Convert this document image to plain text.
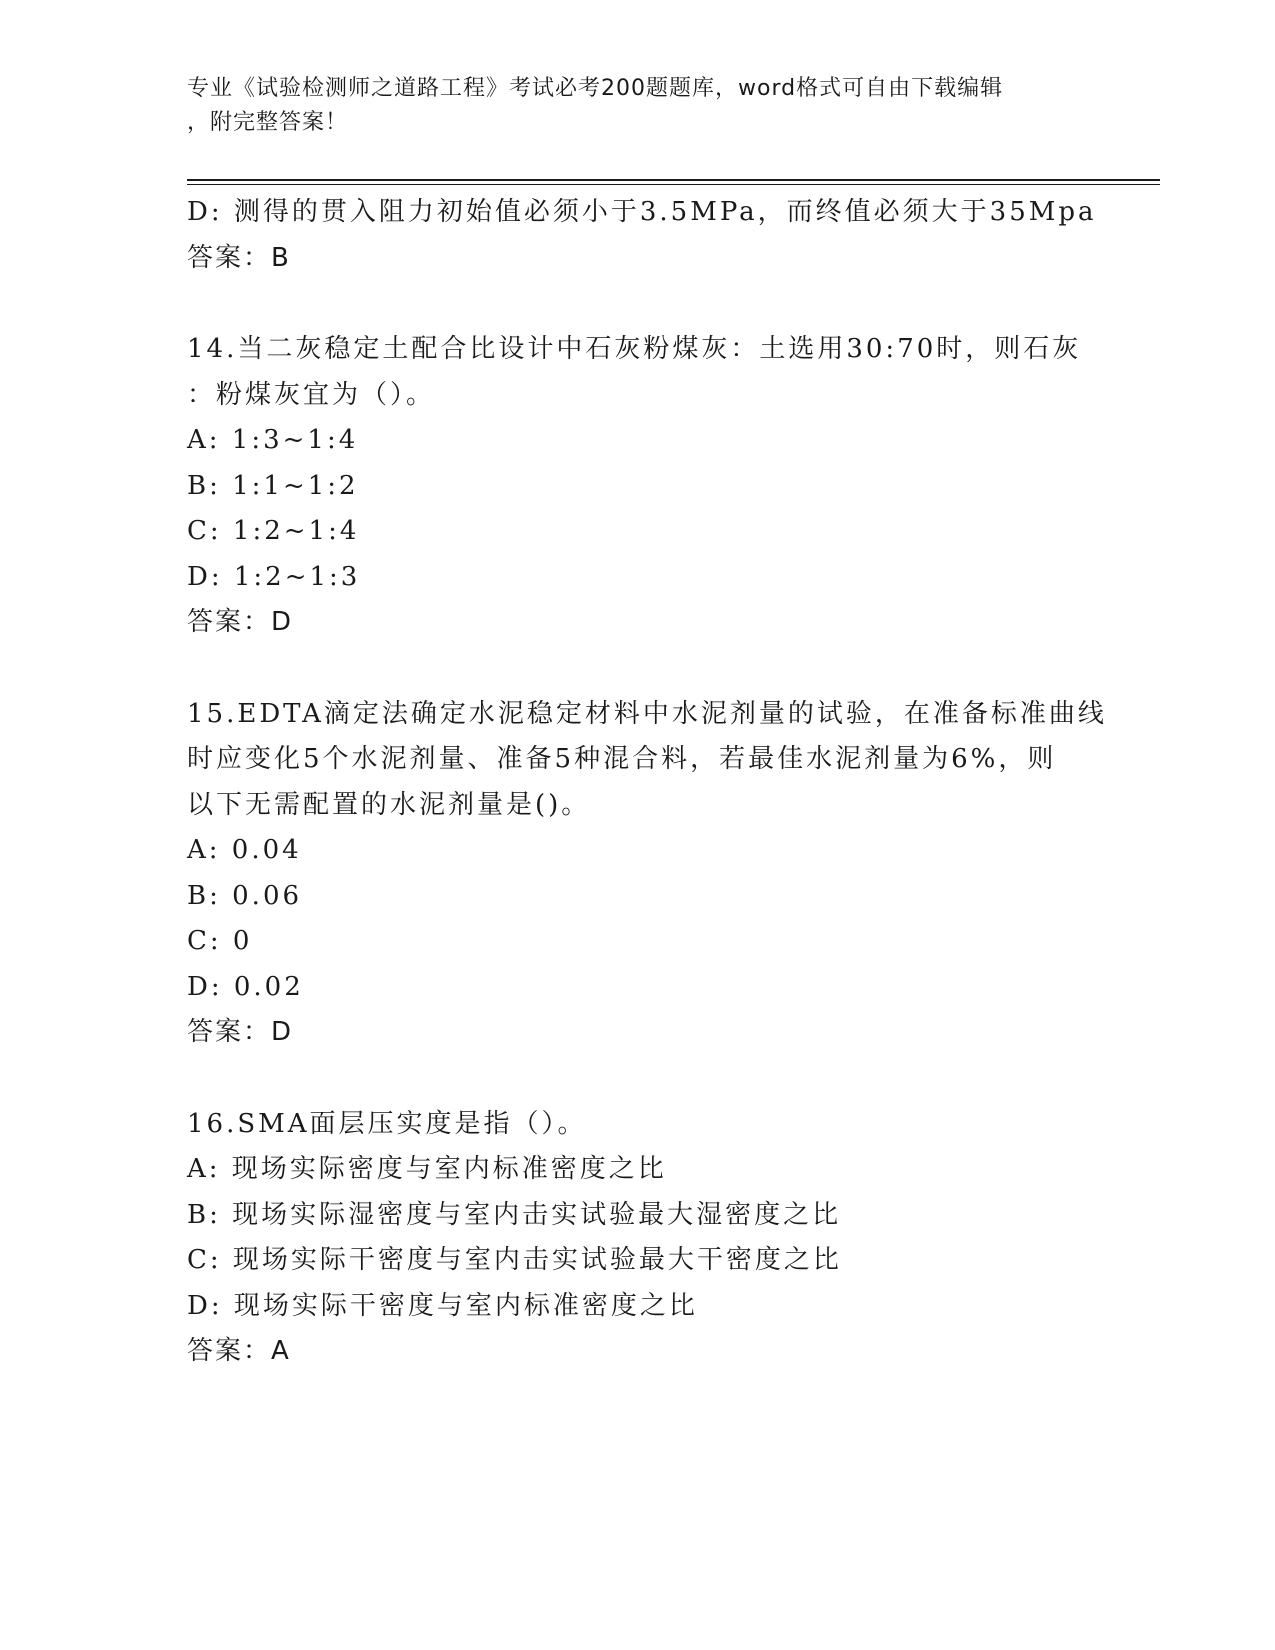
专业《试验检测师之道路工程》考试必考200题题库，word格式可自由下载编辑
，附完整答案！
D: 测得的贯入阻力初始值必须小于3.5MPa，而终值必须大于35Mpa
答案：B
14.当二灰稳定土配合比设计中石灰粉煤灰：土选用30:70时，则石灰
：粉煤灰宜为（）。
A: 1:3~1:4
B: 1:1~1:2
C: 1:2~1:4
D: 1:2~1:3
答案：D
15.EDTA滴定法确定水泥稳定材料中水泥剂量的试验，在准备标准曲线
时应变化5个水泥剂量、准备5种混合料，若最佳水泥剂量为6%，则
以下无需配置的水泥剂量是()。
A: 0.04
B: 0.06
C: 0
D: 0.02
答案：D
16.SMA面层压实度是指（）。
A: 现场实际密度与室内标准密度之比
B: 现场实际湿密度与室内击实试验最大湿密度之比
C: 现场实际干密度与室内击实试验最大干密度之比
D: 现场实际干密度与室内标准密度之比
答案：A
